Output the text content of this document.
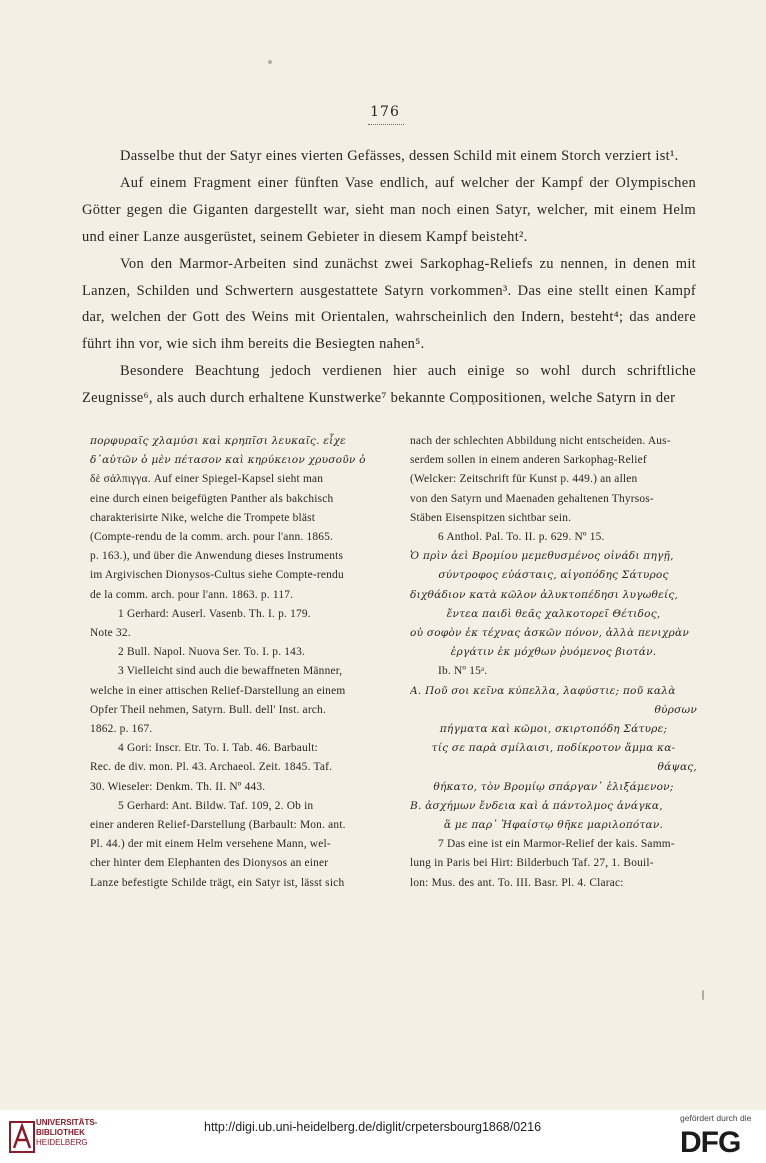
176

Dasselbe thut der Satyr eines vierten Gefässes, dessen Schild mit einem Storch verziert ist¹.

Auf einem Fragment einer fünften Vase endlich, auf welcher der Kampf der Olympischen Götter gegen die Giganten dargestellt war, sieht man noch einen Satyr, welcher, mit einem Helm und einer Lanze ausgerüstet, seinem Gebieter in diesem Kampf beisteht².

Von den Marmor-Arbeiten sind zunächst zwei Sarkophag-Reliefs zu nennen, in denen mit Lanzen, Schilden und Schwertern ausgestattete Satyrn vorkommen³. Das eine stellt einen Kampf dar, welchen der Gott des Weins mit Orientalen, wahrscheinlich den Indern, besteht⁴; das andere führt ihn vor, wie sich ihm bereits die Besiegten nahen⁵.

Besondere Beachtung jedoch verdienen hier auch einige so wohl durch schriftliche Zeugnisse⁶, als auch durch erhaltene Kunstwerke⁷ bekannte Compositionen, welche Satyrn in der

πορφυραῖς χλαμύσι καὶ κρηπῖσι λευκαῖς. εἶχε
δ᾽αὐτῶν ὁ μὲν πέτασον καὶ κηρύκειον χρυσοῦν ὁ
δὲ σάλπιγγα. Auf einer Spiegel-Kapsel sieht man
eine durch einen beigefügten Panther als bakchisch
charakterisirte Nike, welche die Trompete bläst
(Compte-rendu de la comm. arch. pour l'ann. 1865.
p. 163.), und über die Anwendung dieses Instruments
im Argivischen Dionysos-Cultus siehe Compte-rendu
de la comm. arch. pour l'ann. 1863. p. 117.
1 Gerhard: Auserl. Vasenb. Th. I. p. 179.
Note 32.
2 Bull. Napol. Nuova Ser. To. I. p. 143.
3 Vielleicht sind auch die bewaffneten Männer,
welche in einer attischen Relief-Darstellung an einem
Opfer Theil nehmen, Satyrn. Bull. dell' Inst. arch.
1862. p. 167.
4 Gori: Inscr. Etr. To. I. Tab. 46. Barbault:
Rec. de div. mon. Pl. 43. Archaeol. Zeit. 1845. Taf.
30. Wieseler: Denkm. Th. II. Nº 443.
5 Gerhard: Ant. Bildw. Taf. 109, 2. Ob in
einer anderen Relief-Darstellung (Barbault: Mon. ant.
Pl. 44.) der mit einem Helm versehene Mann, wel-
cher hinter dem Elephanten des Dionysos an einer
Lanze befestigte Schilde trägt, ein Satyr ist, lässt sich
nach der schlechten Abbildung nicht entscheiden. Aus-
serdem sollen in einem anderen Sarkophag-Relief
(Welcker: Zeitschrift für Kunst p. 449.) an allen
von den Satyrn und Maenaden gehaltenen Thyrsos-
Stäben Eisenspitzen sichtbar sein.
6 Anthol. Pal. To. II. p. 629. Nº 15.
Ὁ πρὶν ἀεὶ Βρομίου μεμεθυσμένος οἰνάδι πηγῇ,
σύντροφος εὐάσταις, αἰγοπόδης Σάτυρος
διχθάδιον κατὰ κῶλον ἀλυκτοπέδησι λυγωθείς,
ἔντεα παιδὶ θεᾶς χαλκοτορεῖ Θέτιδος,
οὐ σοφὸν ἐκ τέχνας ἀσκῶν πόνον, ἀλλὰ πενιχρὰν
ἐργάτιν ἐκ μόχθων ῥυόμενος βιοτάν.
Ib. Nº 15ᵃ.
A. Ποῦ σοι κεῖνα κύπελλα, λαφύστιε; ποῦ καλὰ
θύρσων
πήγματα καὶ κῶμοι, σκιρτοπόδη Σάτυρε;
τίς σε παρὰ σμίλαισι, ποδίκροτον ἅμμα κα-
θάψας,
θήκατο, τὸν Βρομίῳ σπάργαν᾽ ἑλιξάμενον;
B. ἀσχήμων ἔνδεια καὶ ἁ πάντολμος ἀνάγκα,
ἅ με παρ᾽ Ἡφαίστῳ θῆκε μαριλοπόταν.
7 Das eine ist ein Marmor-Relief der kais. Samm-
lung in Paris bei Hirt: Bilderbuch Taf. 27, 1. Bouil-
lon: Mus. des ant. To. III. Basr. Pl. 4. Clarac:
UNIVERSITÄTS-
BIBLIOTHEK
HEIDELBERG
http://digi.ub.uni-heidelberg.de/diglit/crpetersbourg1868/0216
gefördert durch die
DFG
